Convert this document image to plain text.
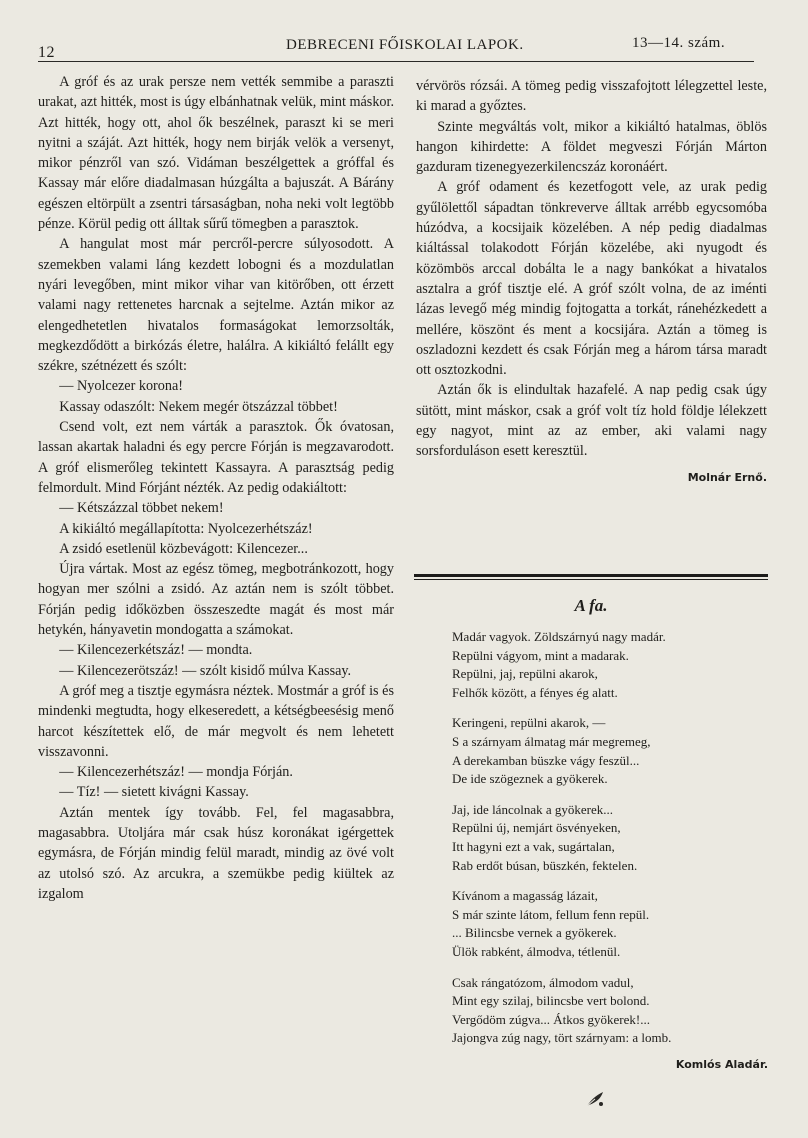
12	DEBRECENI FŐISKOLAI LAPOK.	13—14. szám.

A gróf és az urak persze nem vették semmibe a paraszti urakat, azt hitték, most is úgy elbánhatnak velük, mint máskor. Azt hitték, hogy ott, ahol ők beszélnek, paraszt ki se meri nyitni a száját. Azt hitték, hogy nem birják velök a versenyt, mikor pénzről van szó. Vidáman beszélgettek a gróffal és Kassay már előre diadalmasan húzgálta a bajuszát. A Bárány egészen eltörpült a zsentri társaságban, noha neki volt legtöbb pénze. Körül pedig ott álltak sűrű tömegben a parasztok.

A hangulat most már percről-percre súlyosodott. A szemekben valami láng kezdett lobogni és a mozdulatlan nyári levegőben, mint mikor vihar van kitörőben, ott érzett valami nagy rettenetes harcnak a sejtelme. Aztán mikor az elengedhetetlen hivatalos formaságokat lemorzsolták, megkezdődött a birkózás életre, halálra. A kikiáltó felállt egy székre, szétnézett és szólt:

— Nyolcezer korona!

Kassay odaszólt: Nekem megér ötszázzal többet!

Csend volt, ezt nem várták a parasztok. Ők óvatosan, lassan akartak haladni és egy percre Fórján is megzavarodott. A gróf elismerőleg tekintett Kassayra. A parasztság pedig felmordult. Mind Fórjánt nézték. Az pedig odakiáltott:

— Kétszázzal többet nekem!

A kikiáltó megállapította: Nyolcezerhétszáz!

A zsidó esetlenül közbevágott: Kilencezer...

Újra vártak. Most az egész tömeg, megbotránkozott, hogy hogyan mer szólni a zsidó. Az aztán nem is szólt többet. Fórján pedig időközben összeszedte magát és most már hetykén, hányavetin mondogatta a számokat.

— Kilencezerkétszáz! — mondta.

— Kilencezerötszáz! — szólt kisidő múlva Kassay.

A gróf meg a tisztje egymásra néztek. Mostmár a gróf is és mindenki megtudta, hogy elkeseredett, a kétségbeesésig menő harcot készítettek elő, de már megvolt és nem lehetett visszavonni.

— Kilencezerhétszáz! — mondja Fórján.

— Tíz! — sietett kivágni Kassay.

Aztán mentek így tovább. Fel, fel magasabbra, magasabbra. Utoljára már csak húsz koronákat igérgettek egymásra, de Fórján mindig felül maradt, mindig az övé volt az utolsó szó. Az arcukra, a szemükbe pedig kiültek az izgalom

vérvörös rózsái. A tömeg pedig visszafojtott lélegzettel leste, ki marad a győztes.

Szinte megváltás volt, mikor a kikiáltó hatalmas, öblös hangon kihirdette: A földet megveszi Fórján Márton gazduram tizenegyezerkilencszáz koronáért.

A gróf odament és kezetfogott vele, az urak pedig gyűlölettől sápadtan tönkreverve álltak arrébb egycsomóba húzódva, a kocsijaik közelében. A nép pedig diadalmas kiáltással tolakodott Fórján közelébe, aki nyugodt és közömbös arccal dobálta le a nagy bankókat a hivatalos asztalra a gróf tisztje elé. A gróf szólt volna, de az iménti lázas levegő még mindig fojtogatta a torkát, ránehézkedett a mellére, köszönt és ment a kocsijára. Aztán a tömeg is oszladozni kezdett és csak Fórján meg a három társa maradt ott osztozkodni.

Aztán ők is elindultak hazafelé. A nap pedig csak úgy sütött, mint máskor, csak a gróf volt tíz hold földje lélekzett egy nagyot, mint az az ember, aki valami nagy sorsforduláson esett keresztül.

Molnár Ernő.
A fa.
Madár vagyok. Zöldszárnyú nagy madár.
Repülni vágyom, mint a madarak.
Repülni, jaj, repülni akarok,
Felhők között, a fényes ég alatt.
Keringeni, repülni akarok, —
S a szárnyam álmatag már megremeg,
A derekamban büszke vágy feszül...
De ide szögeznek a gyökerek.
Jaj, ide láncolnak a gyökerek...
Repülni új, nemjárt ösvényeken,
Itt hagyni ezt a vak, sugártalan,
Rab erdőt búsan, büszkén, fektelen.
Kívánom a magasság lázait,
S már szinte látom, fellum fenn repül.
... Bilincsbe vernek a gyökerek.
Ülök rabként, álmodva, tétlenül.
Csak rángatózom, álmodom vadul,
Mint egy szilaj, bilincsbe vert bolond.
Vergődöm zúgva... Átkos gyökerek!...
Jajongva zúg nagy, tört szárnyam: a lomb.
Komlós Aladár.
